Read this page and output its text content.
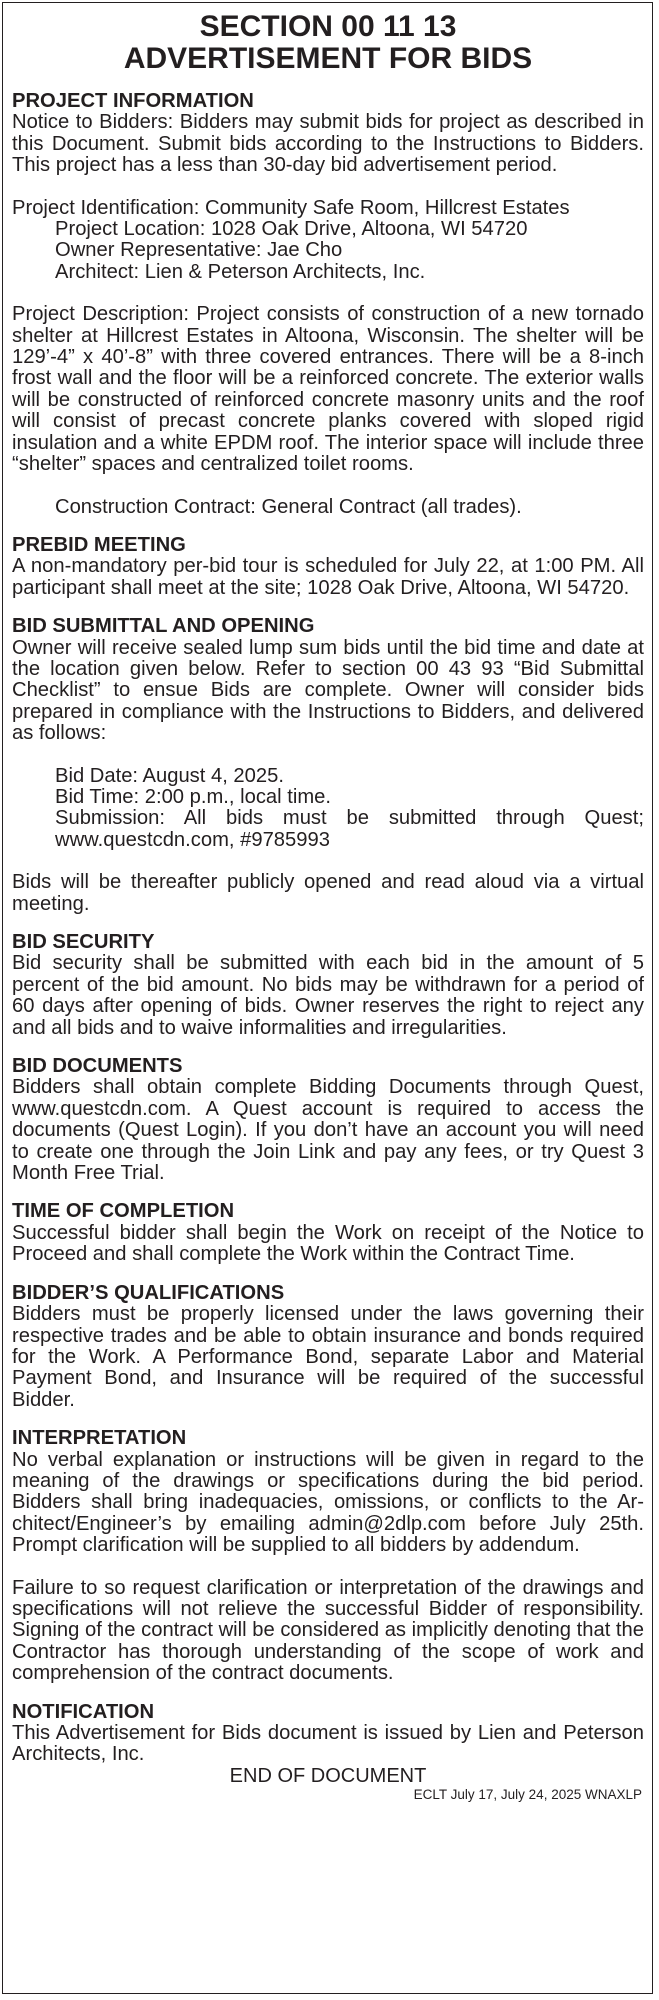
SECTION 00 11 13

ADVERTISEMENT FOR BIDS

PROJECT INFORMATION

Notice to Bidders: Bidders may submit bids for project as described in this Document. Submit bids according to the Instructions to Bidders. This project has a less than 30-day bid advertisement period.

Project Identification: Community Safe Room, Hillcrest Estates

Project Location: 1028 Oak Drive, Altoona, WI 54720

Owner Representative: Jae Cho

Architect: Lien & Peterson Architects, Inc.

Project Description: Project consists of construction of a new tornado shelter at Hillcrest Estates in Altoona, Wisconsin. The shelter will be 129’-4” x 40’-8” with three covered entrances. There will be a 8-inch frost wall and the floor will be a reinforced concrete. The exterior walls will be constructed of reinforced concrete masonry units and the roof will consist of precast concrete planks covered with sloped rigid insulation and a white EPDM roof. The interior space will include three “shelter” spaces and centralized toilet rooms.

Construction Contract: General Contract (all trades).

PREBID MEETING

A non-mandatory per-bid tour is scheduled for July 22, at 1:00 PM. All participant shall meet at the site; 1028 Oak Drive, Altoona, WI 54720.

BID SUBMITTAL AND OPENING

Owner will receive sealed lump sum bids until the bid time and date at the location given below. Refer to section 00 43 93 “Bid Submittal Checklist” to ensue Bids are complete. Owner will consider bids prepared in compliance with the Instructions to Bidders, and delivered as follows:

Bid Date: August 4, 2025.

Bid Time: 2:00 p.m., local time.

Submission: All bids must be submitted through Quest; www.questcdn.com, #9785993

Bids will be thereafter publicly opened and read aloud via a virtual meeting.

BID SECURITY

Bid security shall be submitted with each bid in the amount of 5 percent of the bid amount. No bids may be withdrawn for a period of 60 days after opening of bids. Owner reserves the right to reject any and all bids and to waive informalities and irregularities.

BID DOCUMENTS

Bidders shall obtain complete Bidding Documents through Quest, www.questcdn.com. A Quest account is required to access the documents (Quest Login). If you don’t have an account you will need to create one through the Join Link and pay any fees, or try Quest 3 Month Free Trial.

TIME OF COMPLETION

Successful bidder shall begin the Work on receipt of the Notice to Proceed and shall complete the Work within the Contract Time.

BIDDER’S QUALIFICATIONS

Bidders must be properly licensed under the laws governing their respective trades and be able to obtain insurance and bonds required for the Work. A Performance Bond, separate Labor and Material Payment Bond, and Insurance will be required of the successful Bidder.

INTERPRETATION

No verbal explanation or instructions will be given in regard to the meaning of the drawings or specifications during the bid period. Bidders shall bring inadequacies, omissions, or conflicts to the Architect/Engineer’s by emailing admin@2dlp.com before July 25th. Prompt clarification will be supplied to all bidders by addendum.

Failure to so request clarification or interpretation of the drawings and specifications will not relieve the successful Bidder of responsibility. Signing of the contract will be considered as implicitly denoting that the Contractor has thorough understanding of the scope of work and comprehension of the contract documents.

NOTIFICATION

This Advertisement for Bids document is issued by Lien and Peterson Architects, Inc.

END OF DOCUMENT

ECLT July 17, July 24, 2025 WNAXLP
